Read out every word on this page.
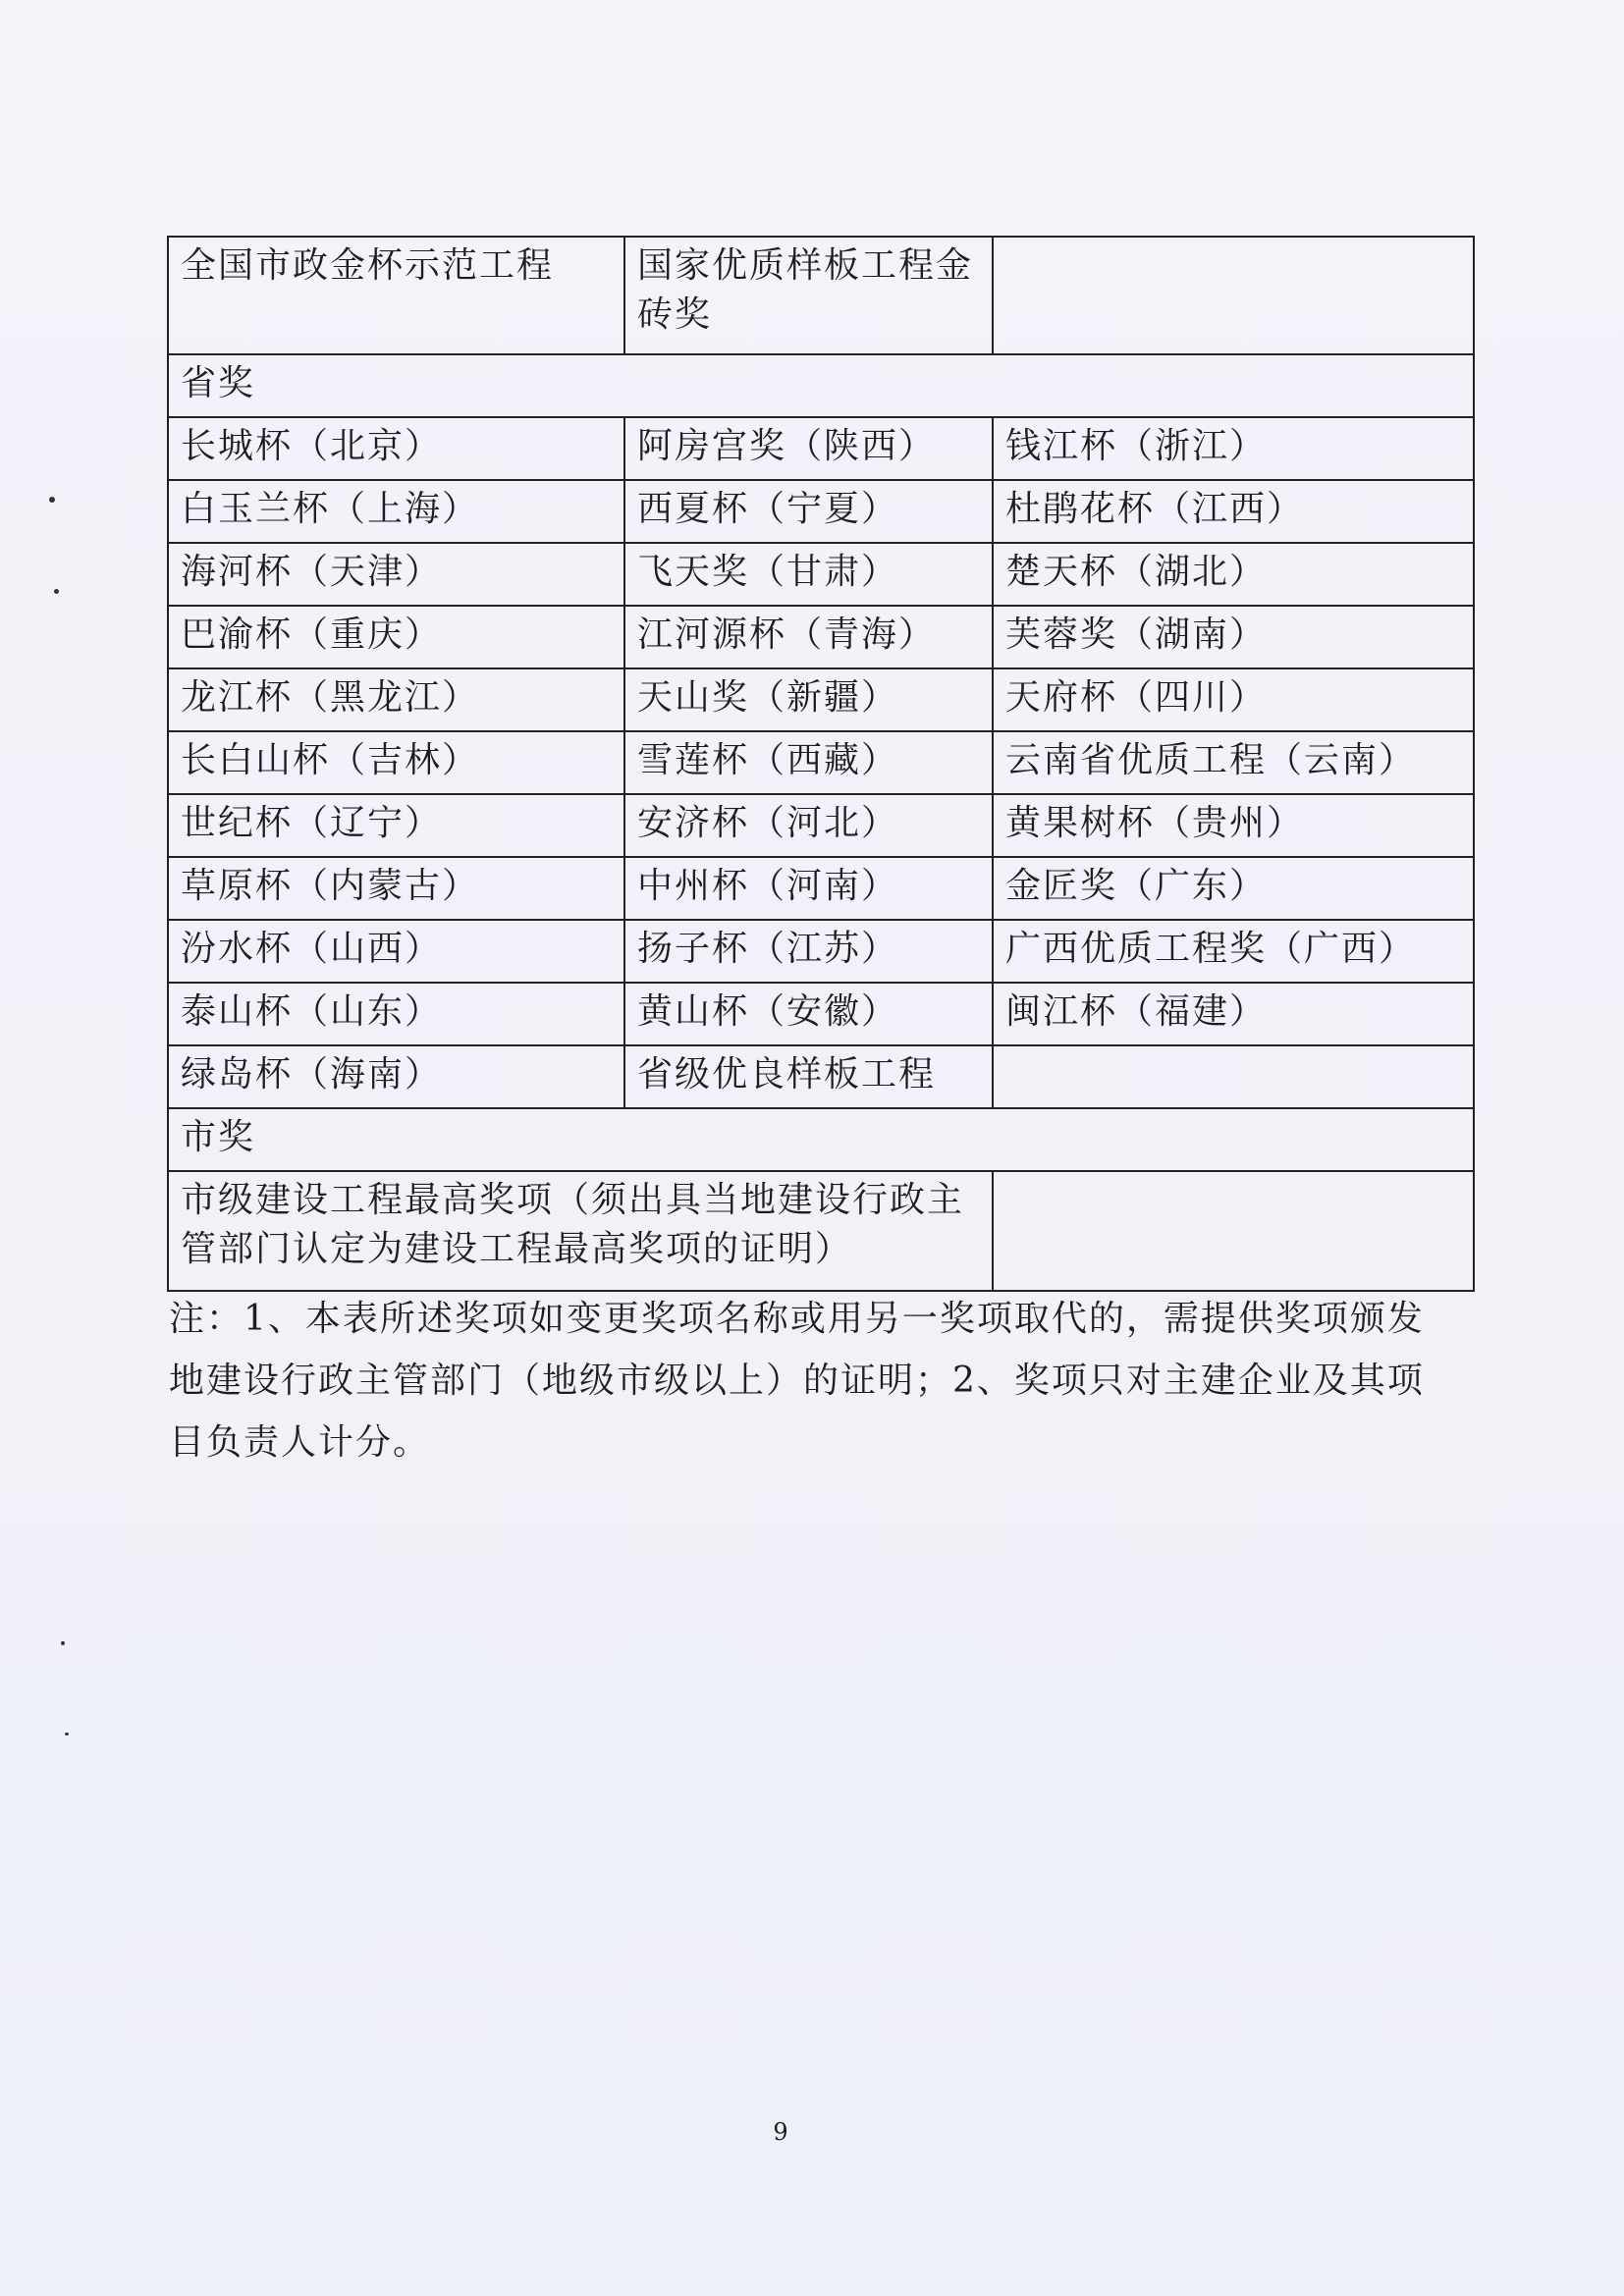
全国市政金杯示范工程	国家优质样板工程金砖奖	

省奖		
长城杯（北京）	阿房宫奖（陕西）	钱江杯（浙江）
白玉兰杯（上海）	西夏杯（宁夏）	杜鹃花杯（江西）
海河杯（天津）	飞天奖（甘肃）	楚天杯（湖北）
巴渝杯（重庆）	江河源杯（青海）	芙蓉奖（湖南）
龙江杯（黑龙江）	天山奖（新疆）	天府杯（四川）
长白山杯（吉林）	雪莲杯（西藏）	云南省优质工程（云南）
世纪杯（辽宁）	安济杯（河北）	黄果树杯（贵州）
草原杯（内蒙古）	中州杯（河南）	金匠奖（广东）
汾水杯（山西）	扬子杯（江苏）	广西优质工程奖（广西）
泰山杯（山东）	黄山杯（安徽）	闽江杯（福建）
绿岛杯（海南）	省级优良样板工程	
市奖		

市级建设工程最高奖项（须出具当地建设行政主管部门认定为建设工程最高奖项的证明）		

注：1、本表所述奖项如变更奖项名称或用另一奖项取代的，需提供奖项颁发地建设行政主管部门（地级市级以上）的证明；2、奖项只对主建企业及其项目负责人计分。
9
